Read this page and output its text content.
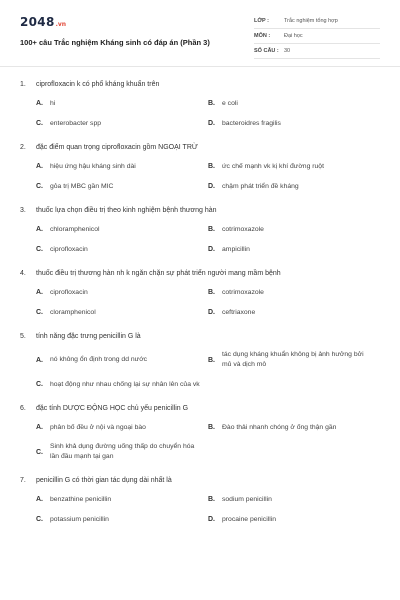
2048 .vn
100+ câu Trắc nghiệm Kháng sinh có đáp án (Phần 3)
LỚP :	Trắc nghiệm tổng hợp
MÔN :	Đại học
SỐ CÂU : 30
1.	ciprofloxacin k có phổ kháng khuẩn trên
A.	hi	B.	e coli
C.	enterobacter spp	D.	bacteroidres fragilis
2.	đặc điểm quan trọng ciprofloxacin gồm NGOẠI TRỪ
A.	hiệu ứng hậu kháng sinh dài	B.	ức chế mạnh vk kị khí đường ruột
C.	gỏa trị MBC gần MIC	D.	chậm phát triển đề kháng
3.	thuốc lựa chọn điều trị theo kinh nghiệm bệnh thương hàn
A.	chloramphenicol	B.	cotrimoxazole
C.	ciprofloxacin	D.	ampicillin
4.	thuốc điều trị thương hàn nh k ngăn chặn sự phát triển người mang mầm bệnh
A.	ciprofloxacin	B.	cotrimoxazole
C.	cloramphenicol	D.	ceftriaxone
5.	tính năng đặc trưng penicillin G là
A.	nó không ổn định trong dd nước	B.
tác dụng kháng khuẩn không bị ảnh hưởng bởi mủ và dịch mô
C.	hoạt động như nhau chống lại sự nhân lên của vk
6.	đặc tính DƯỢC ĐỘNG HỌC chủ yếu penicillin G
A.	phân bố đều ở nội và ngoại bào	B.	Đào thải nhanh chóng ở ống thận gần
C.
Sinh khả dụng đường uống thấp do chuyển hóa lần đầu mạnh tại gan
7.	penicillin G có thời gian tác dụng dài nhất là
A.	benzathine penicillin	B.	sodium penicillin
C.	potassium penicillin	D.	procaine penicillin
